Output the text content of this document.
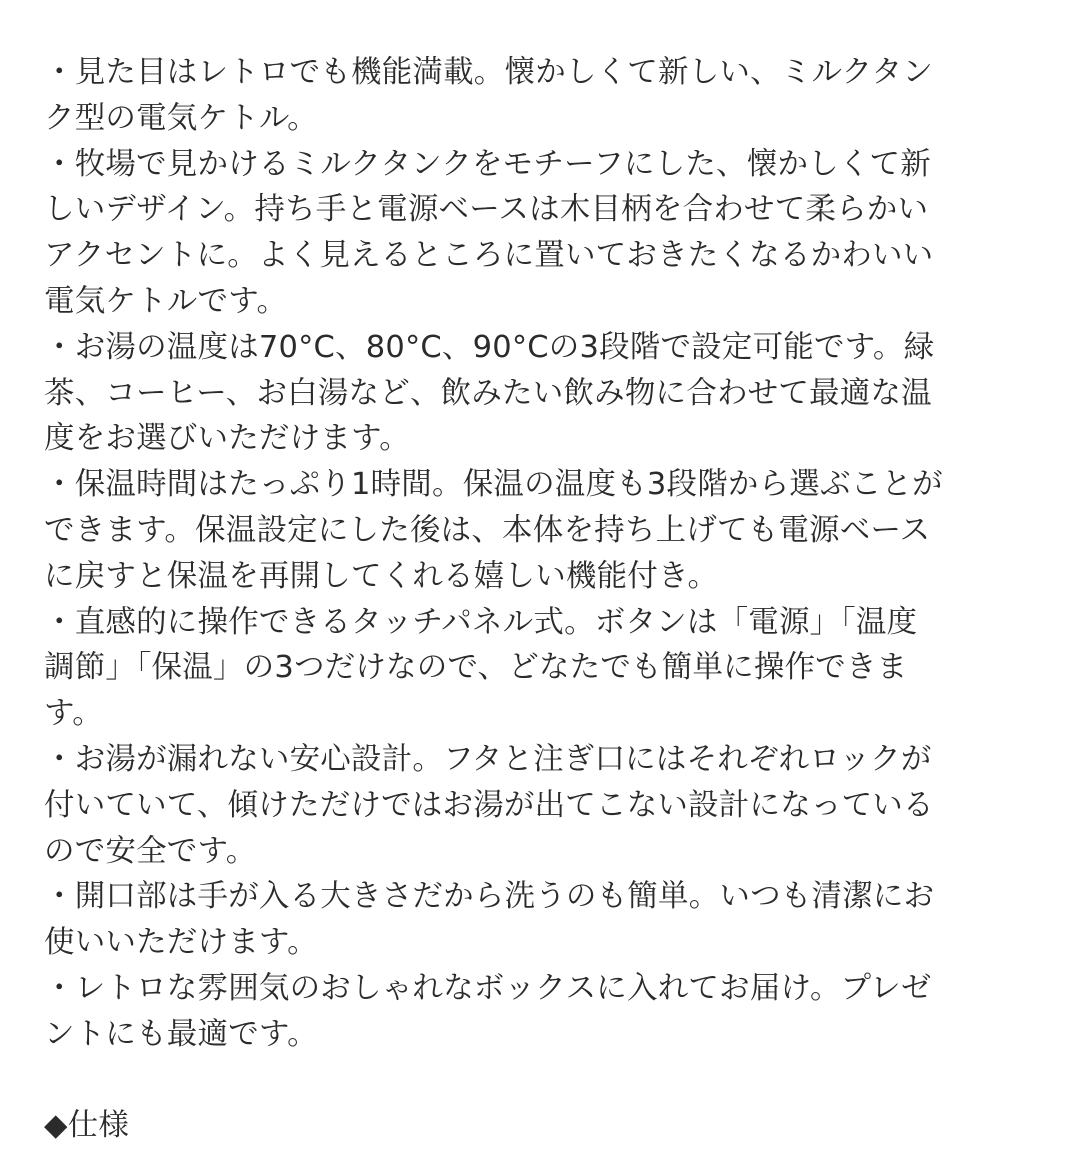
・見た目はレトロでも機能満載。懐かしくて新しい、ミルクタン
ク型の電気ケトル。
・牧場で見かけるミルクタンクをモチーフにした、懐かしくて新
しいデザイン。持ち手と電源ベースは木目柄を合わせて柔らかい
アクセントに。よく見えるところに置いておきたくなるかわいい
電気ケトルです。
・お湯の温度は70°C、80°C、90°Cの3段階で設定可能です。緑
茶、コーヒー、お白湯など、飲みたい飲み物に合わせて最適な温
度をお選びいただけます。
・保温時間はたっぷり1時間。保温の温度も3段階から選ぶことが
できます。保温設定にした後は、本体を持ち上げても電源ベース
に戻すと保温を再開してくれる嬉しい機能付き。
・直感的に操作できるタッチパネル式。ボタンは「電源」「温度
調節」「保温」の3つだけなので、どなたでも簡単に操作できま
す。
・お湯が漏れない安心設計。フタと注ぎ口にはそれぞれロックが
付いていて、傾けただけではお湯が出てこない設計になっている
ので安全です。
・開口部は手が入る大きさだから洗うのも簡単。いつも清潔にお
使いいただけます。
・レトロな雰囲気のおしゃれなボックスに入れてお届け。プレゼ
ントにも最適です。
◆仕様
